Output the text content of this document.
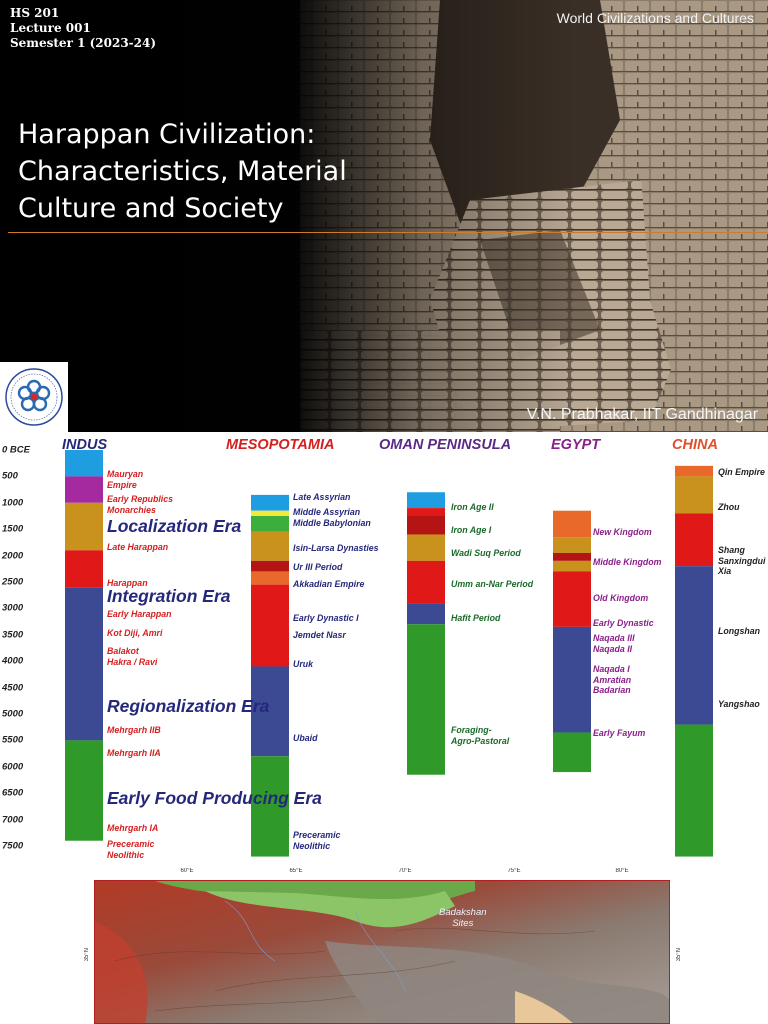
HS 201
Lecture 001
Semester 1 (2023-24)
World Civilizations and Cultures
Harappan Civilization:
Characteristics, Material
Culture and Society
V.N. Prabhakar, IIT Gandhinagar
0 BCE
500
1000
1500
2000
2500
3000
3500
4000
4500
5000
5500
6000
6500
7000
7500
INDUS	MESOPOTAMIA	OMAN PENINSULA	EGYPT	CHINA
Mauryan
Empire
Early Republics
Monarchies
Late Harappan
Harappan
Early Harappan
Kot Diji, Amri
Balakot
Hakra / Ravi
Mehrgarh IIB
Mehrgarh IIA
Mehrgarh IA
Preceramic
Neolithic
Localization Era
Integration Era
Regionalization Era
Early Food Producing Era
Late Assyrian
Middle Assyrian
Middle Babylonian
Isin-Larsa Dynasties
Ur III Period
Akkadian Empire
Early Dynastic I
Jemdet Nasr
Uruk
Ubaid
Preceramic
Neolithic
Iron Age II
Iron Age I
Wadi Suq Period
Umm an-Nar Period
Hafit Period
Foraging-
Agro-Pastoral
New Kingdom
Middle Kingdom
Old Kingdom
Early Dynastic
Naqada III
Naqada II
Naqada I
Amratian
Badarian
Early Fayum
Qin Empire
Zhou
Shang
Sanxingdui
Xia
Longshan
Yangshao
60°E	65°E	70°E	75°E	80°E
35°N	35°N
Badakshan
Sites
